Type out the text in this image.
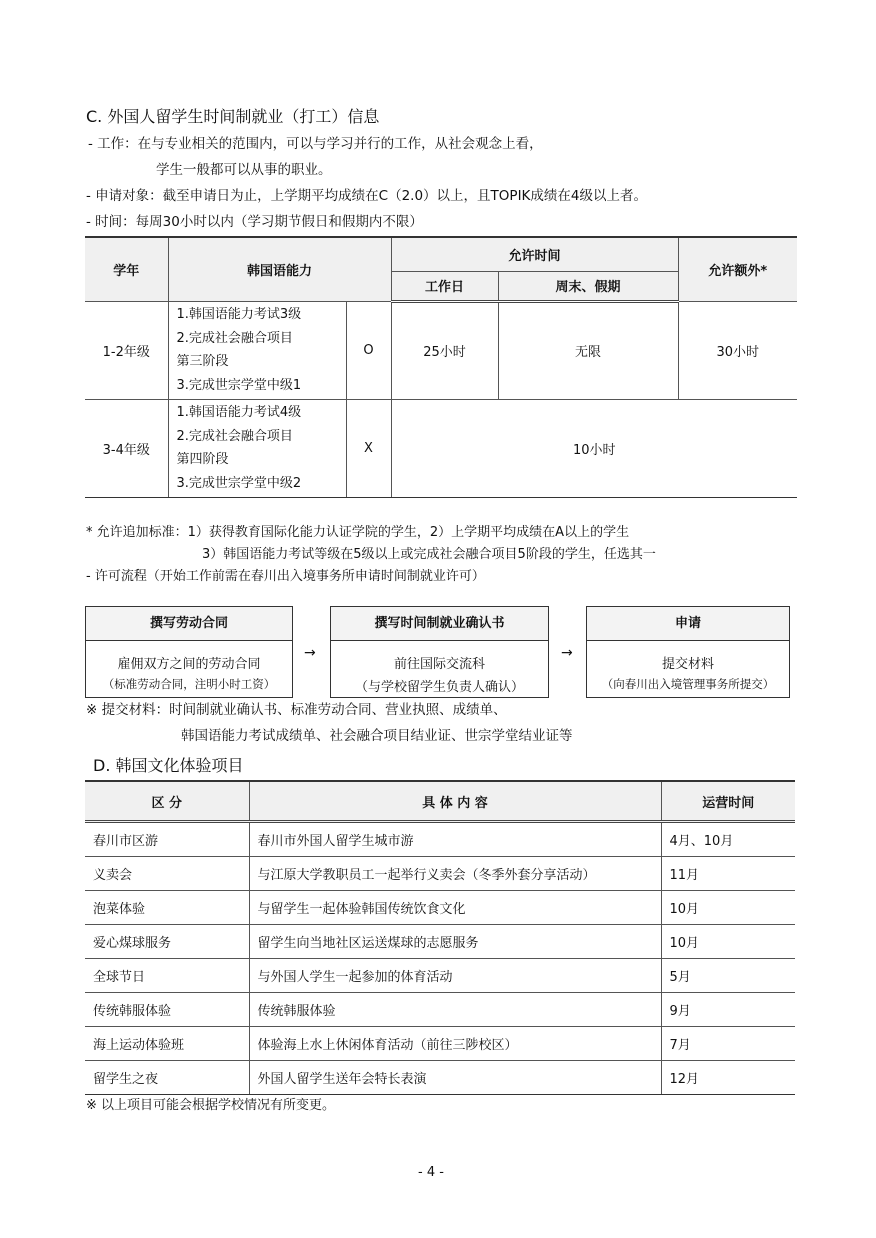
C. 外国人留学生时间制就业（打工）信息
- 工作：在与专业相关的范围内，可以与学习并行的工作，从社会观念上看，
学生一般都可以从事的职业。
- 申请对象：截至申请日为止，上学期平均成绩在C（2.0）以上，且TOPIK成绩在4级以上者。
- 时间：每周30小时以内（学习期节假日和假期内不限）
学年	韩国语能力		允许时间		允许额外*
			工作日	周末、假期	
1-2年级	1.韩国语能力考试3级
2.完成社会融合项目
第三阶段
3.完成世宗学堂中级1	O	25小时	无限	30小时
3-4年级	1.韩国语能力考试4级
2.完成社会融合项目
第四阶段
3.完成世宗学堂中级2	X	10小时		
* 允许追加标准：1）获得教育国际化能力认证学院的学生，2）上学期平均成绩在A以上的学生
3）韩国语能力考试等级在5级以上或完成社会融合项目5阶段的学生，任选其一
- 许可流程（开始工作前需在春川出入境事务所申请时间制就业许可）
撰写劳动合同
雇佣双方之间的劳动合同
（标准劳动合同，注明小时工资）
→
撰写时间制就业确认书
前往国际交流科
（与学校留学生负责人确认）
→
申请
提交材料
（向春川出入境管理事务所提交）
※ 提交材料：时间制就业确认书、标准劳动合同、营业执照、成绩单、
韩国语能力考试成绩单、社会融合项目结业证、世宗学堂结业证等
D. 韩国文化体验项目
区 分	具 体 内 容	运营时间
春川市区游	春川市外国人留学生城市游	4月、10月
义卖会	与江原大学教职员工一起举行义卖会（冬季外套分享活动）	11月
泡菜体验	与留学生一起体验韩国传统饮食文化	10月
爱心煤球服务	留学生向当地社区运送煤球的志愿服务	10月
全球节日	与外国人学生一起参加的体育活动	5月
传统韩服体验	传统韩服体验	9月
海上运动体验班	体验海上水上休闲体育活动（前往三陟校区）	7月
留学生之夜	外国人留学生送年会特长表演	12月
※ 以上项目可能会根据学校情况有所变更。
- 4 -
